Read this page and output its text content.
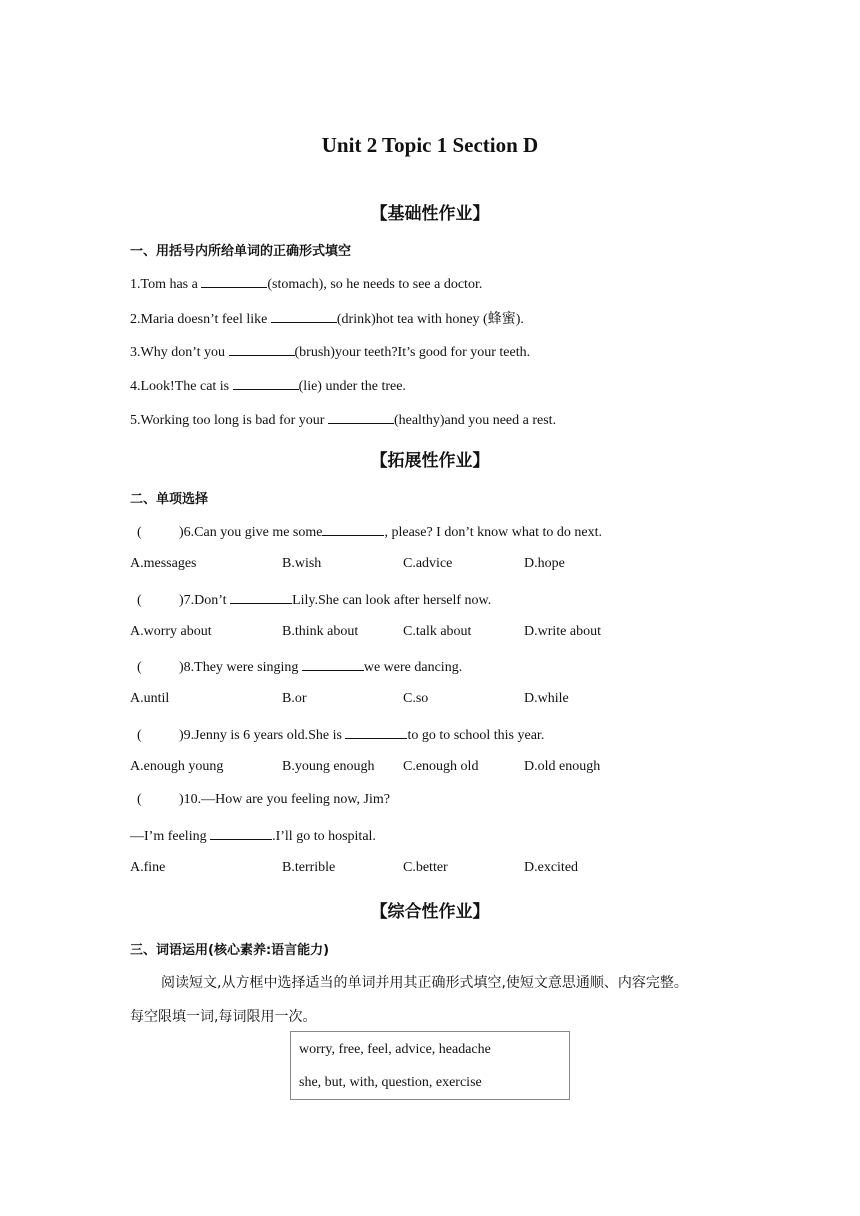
Unit 2 Topic 1 Section D
【基础性作业】
一、用括号内所给单词的正确形式填空
1.Tom has a	(stomach), so he needs to see a doctor.
2.Maria doesn’t feel like	(drink)hot tea with honey (蜂蜜).
3.Why don’t you	(brush)your teeth?It’s good for your teeth.
4.Look!The cat is	(lie) under the tree.
5.Working too long is bad for your	(healthy)and you need a rest.
【拓展性作业】
二、单项选择
(	)6.Can you give me some	, please? I don’t know what to do next.
A.messages	B.wish	C.advice	D.hope
(	)7.Don’t	Lily.She can look after herself now.
A.worry about	B.think about	C.talk about	D.write about
(	)8.They were singing	we were dancing.
A.until	B.or	C.so	D.while
(	)9.Jenny is 6 years old.She is	to go to school this year.
A.enough young	B.young enough C.enough old	D.old enough
(	)10.—How are you feeling now, Jim?
—I’m feeling	.I’ll go to hospital.
A.fine	B.terrible	C.better	D.excited
【综合性作业】
三、词语运用(核心素养:语言能力)
阅读短文,从方框中选择适当的单词并用其正确形式填空,使短文意思通顺、内容完整。
每空限填一词,每词限用一次。
worry, free, feel, advice, headache
she, but, with, question, exercise
